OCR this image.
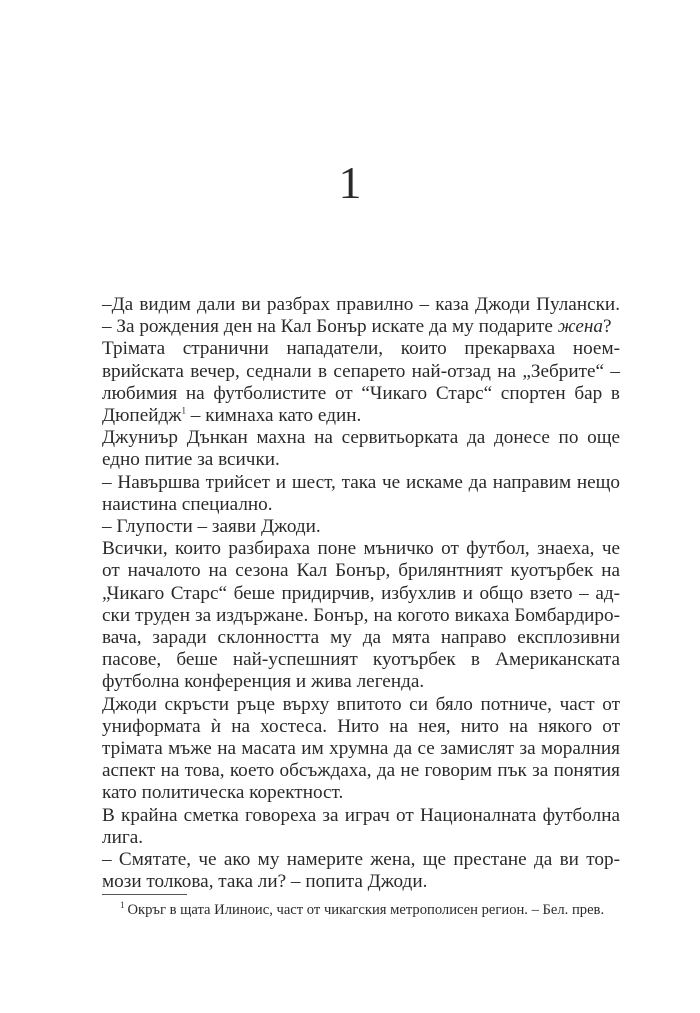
1

–Да видим дали ви разбрах правилно – каза Джоди Пулански. – За рождения ден на Кал Бонър искате да му подарите жена?

Трімата странични нападатели, които прекарваха ноемврийската вечер, седнали в сепарето най-отзад на „Зебрите“ – любимия на футболистите от “Чикаго Старс“ спортен бар в Дюпейдж$^1$ – кимнаха като един.

Джуниър Дънкан махна на сервитьорката да донесе по още едно питие за всички.

– Навършва трийсет и шест, така че искаме да направим нещо наистина специално.

– Глупости – заяви Джоди.

Всички, които разбираха поне мъничко от футбол, знаеха, че от началото на сезона Кал Бонър, брилянтният куотърбек на „Чикаго Старс“ беше придирчив, избухлив и общо взето – адски труден за издържане. Бонър, на когото викаха Бомбардировача, заради склонността му да мята направо експлозивни пасове, беше най-успешният куотърбек в Американската футболна конференция и жива легенда.

Джоди скръсти ръце върху впитото си бяло потниче, част от униформата ѝ на хостеса. Нито на нея, нито на някого от трімата мъже на масата им хрумна да се замислят за моралния аспект на това, което обсъждаха, да не говорим пък за понятия като политическа коректност.

В крайна сметка говореха за играч от Националната футболна лига.

– Смятате, че ако му намерите жена, ще престане да ви тормози толкова, така ли? – попита Джоди.

$^1$ Окръг в щата Илиноис, част от чикагския метрополисен регион. – Бел. прев.
